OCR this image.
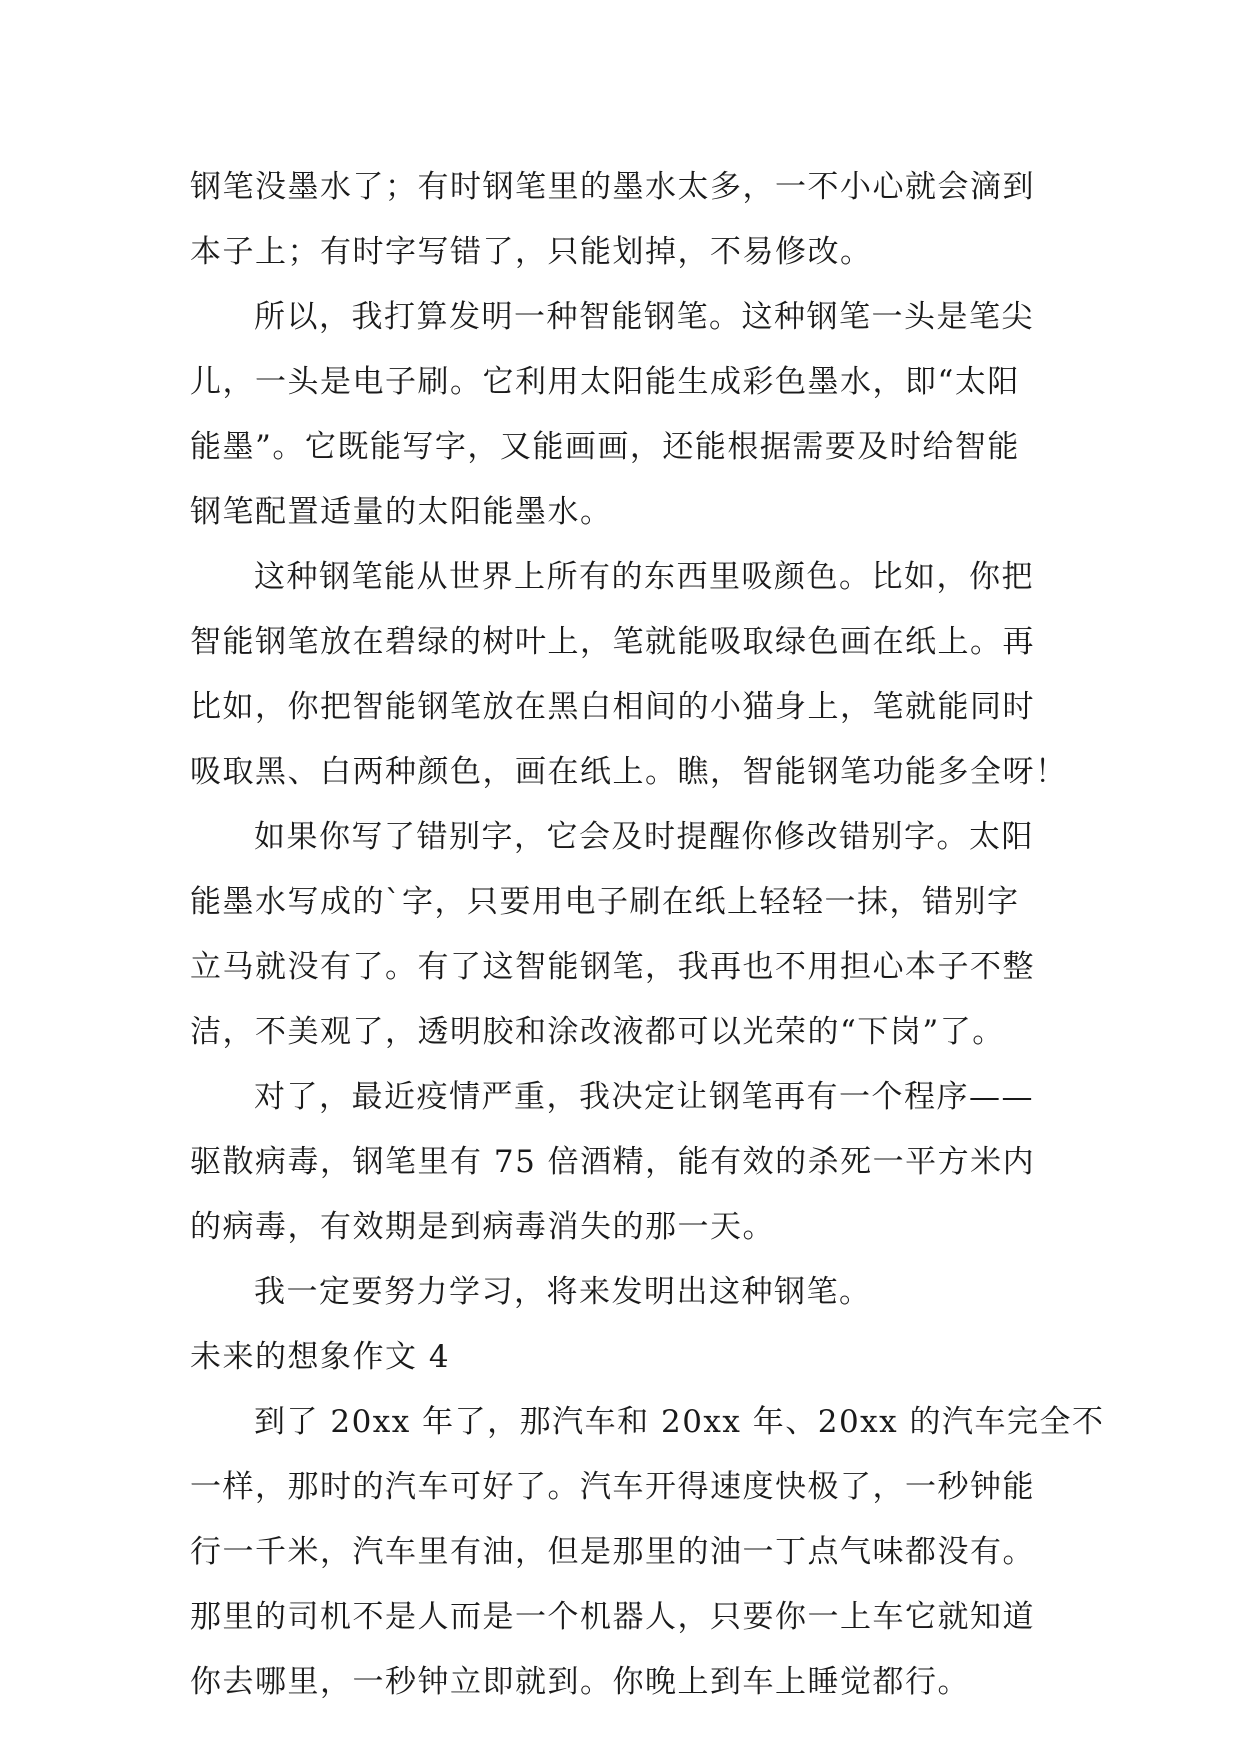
钢笔没墨水了；有时钢笔里的墨水太多，一不小心就会滴到
本子上；有时字写错了，只能划掉，不易修改。
所以，我打算发明一种智能钢笔。这种钢笔一头是笔尖
儿，一头是电子刷。它利用太阳能生成彩色墨水，即“太阳
能墨”。它既能写字，又能画画，还能根据需要及时给智能
钢笔配置适量的太阳能墨水。
这种钢笔能从世界上所有的东西里吸颜色。比如，你把
智能钢笔放在碧绿的树叶上，笔就能吸取绿色画在纸上。再
比如，你把智能钢笔放在黑白相间的小猫身上，笔就能同时
吸取黑、白两种颜色，画在纸上。瞧，智能钢笔功能多全呀！
如果你写了错别字，它会及时提醒你修改错别字。太阳
能墨水写成的`字，只要用电子刷在纸上轻轻一抹，错别字
立马就没有了。有了这智能钢笔，我再也不用担心本子不整
洁，不美观了，透明胶和涂改液都可以光荣的“下岗”了。
对了，最近疫情严重，我决定让钢笔再有一个程序——
驱散病毒，钢笔里有 75 倍酒精，能有效的杀死一平方米内
的病毒，有效期是到病毒消失的那一天。
我一定要努力学习，将来发明出这种钢笔。
未来的想象作文 4
到了 20xx 年了，那汽车和 20xx 年、20xx 的汽车完全不
一样，那时的汽车可好了。汽车开得速度快极了，一秒钟能
行一千米，汽车里有油，但是那里的油一丁点气味都没有。
那里的司机不是人而是一个机器人，只要你一上车它就知道
你去哪里，一秒钟立即就到。你晚上到车上睡觉都行。
